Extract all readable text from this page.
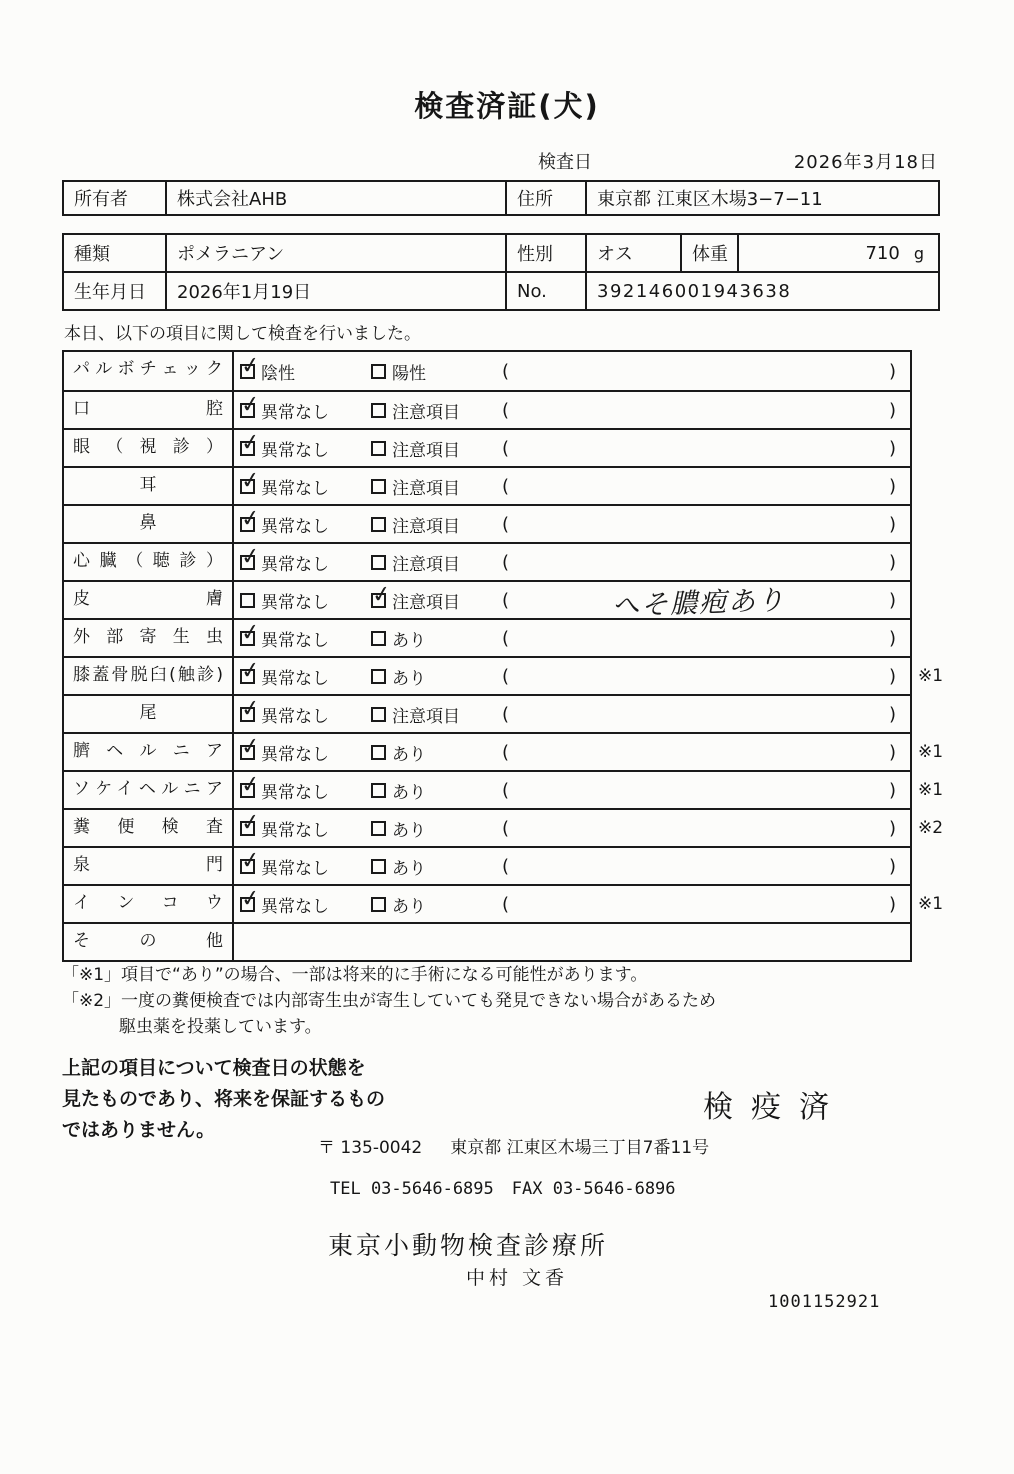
検査済証(犬)
検査日	2026年3月18日
所有者	株式会社AHB	住所	東京都 江東区木場3−7−11
種類	ポメラニアン	性別	オス	体重	710 g
生年月日	2026年1月19日	No.	392146001943638		
本日、以下の項目に関して検査を行いました。
パルボチェック ✓ 陰性	陽性	(	)
口腔 ✓ 異常なし	注意項目 (	)
眼（視診） ✓ 異常なし	注意項目 (	)
耳	✓ 異常なし	注意項目 (	)
鼻	✓ 異常なし	注意項目 (	)
心臓（聴診） ✓ 異常なし	注意項目 (	)
皮膚	異常なし ✓ 注意項目 (	へそ膿疱あり	)
外部寄生虫 ✓ 異常なし	あり	(	)
膝蓋骨脱臼(触診) ✓ 異常なし	あり	(	) ※1
尾	✓ 異常なし	注意項目 (	)
臍ヘルニア ✓ 異常なし	あり	(	) ※1
ソケイヘルニア ✓ 異常なし	あり	(	) ※1
糞便検査 ✓ 異常なし	あり	(	) ※2
泉門 ✓ 異常なし	あり	(	)
インコウ ✓ 異常なし	あり	(	) ※1
その他
「※1」項目で“あり”の場合、一部は将来的に手術になる可能性があります。
「※2」一度の糞便検査では内部寄生虫が寄生していても発見できない場合があるため
駆虫薬を投薬しています。
上記の項目について検査日の状態を
見たものであり、将来を保証するもの
ではありません。
検疫済
〒 135-0042 東京都 江東区木場三丁目7番11号
TEL 03-5646-6895 FAX 03-5646-6896
東京小動物検査診療所
中村 文香
1001152921
